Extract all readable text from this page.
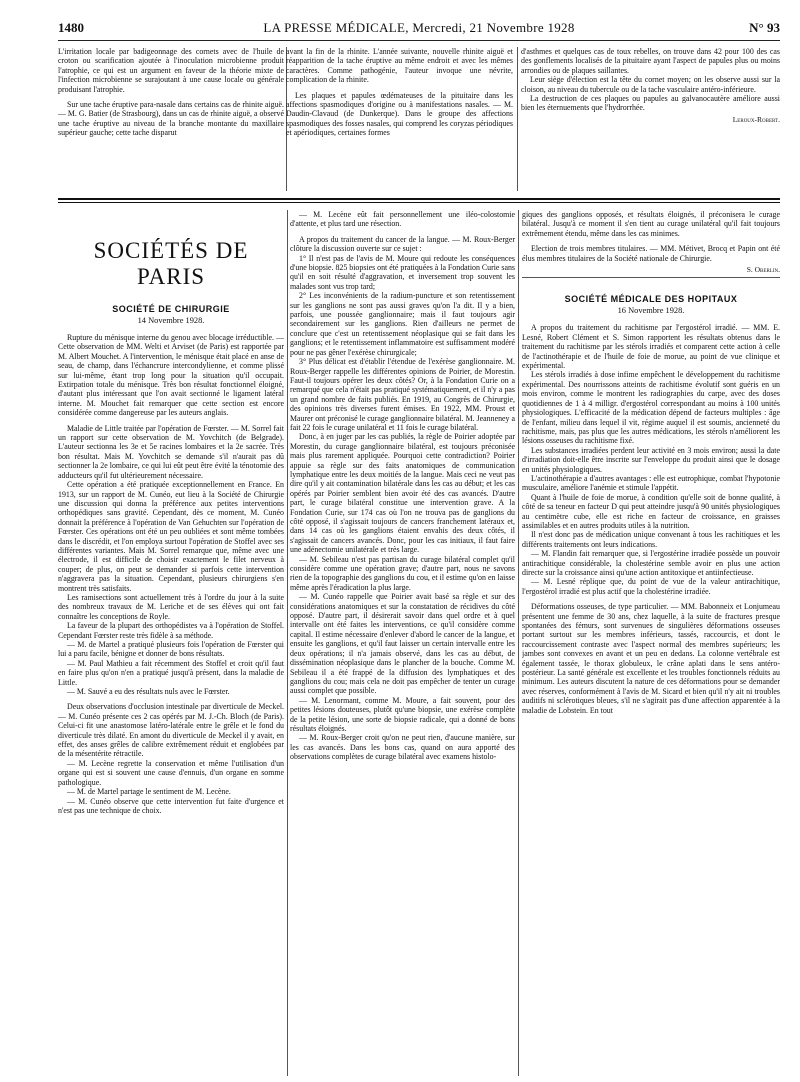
1480	LA PRESSE MÉDICALE, Mercredi, 21 Novembre 1928	N° 93

L'irritation locale par badigeonnage des cornets avec de l'huile de croton ou scarification ajoutée à l'inoculation microbienne produit l'atrophie, ce qui est un argument en faveur de la théorie mixte de l'infection microbienne se surajoutant à une cause locale ou générale produisant l'atrophie.

Sur une tache éruptive para-nasale dans certains cas de rhinite aiguë. — M. G. Batier (de Strasbourg), dans un cas de rhinite aiguë, a observé une tache éruptive au niveau de la branche montante du maxillaire supérieur gauche; cette tache disparut

avant la fin de la rhinite. L'année suivante, nouvelle rhinite aiguë et réapparition de la tache éruptive au même endroit et avec les mêmes caractères. Comme pathogénie, l'auteur invoque une névrite, complication de la rhinite.

Les plaques et papules œdémateuses de la pituitaire dans les affections spasmodiques d'origine ou à manifestations nasales. — M. Daudin-Clavaud (de Dunkerque). Dans le groupe des affections spasmodiques des fosses nasales, qui comprend les coryzas périodiques et apériodiques, certaines formes

d'asthmes et quelques cas de toux rebelles, on trouve dans 42 pour 100 des cas des gonflements localisés de la pituitaire ayant l'aspect de papules plus ou moins arrondies ou de plaques saillantes.

Leur siège d'élection est la tête du cornet moyen; on les observe aussi sur la cloison, au niveau du tubercule ou de la tache vasculaire antéro-inférieure.

La destruction de ces plaques ou papules au galvanocautère améliore aussi bien les éternuements que l'hydrorrhée.

Leroux-Robert.
SOCIÉTÉS DE PARIS
SOCIÉTÉ DE CHIRURGIE
14 Novembre 1928.

Rupture du ménisque interne du genou avec blocage irréductible. — Cette observation de MM. Welti et Arviset (de Paris) est rapportée par M. Albert Mouchet. A l'intervention, le ménisque était placé en anse de seau, de champ, dans l'échancrure intercondylienne, et comme plissé sur lui-même, étant trop long pour la situation qu'il occupait. Extirpation totale du ménisque. Très bon résultat fonctionnel éloigné, d'autant plus intéressant que l'on avait sectionné le ligament latéral interne. M. Mouchet fait remarquer que cette section est encore considérée comme dangereuse par les auteurs anglais.

Maladie de Little traitée par l'opération de Fœrster. — M. Sorrel fait un rapport sur cette observation de M. Yovchitch (de Belgrade). L'auteur sectionna les 3e et 5e racines lombaires et la 2e sacrée. Très bon résultat. Mais M. Yovchitch se demande s'il n'aurait pas dû sectionner la 2e lombaire, ce qui lui eût peut être évité la ténotomie des adducteurs qu'il fut ultérieurement nécessaire.

Cette opération a été pratiquée exceptionnellement en France. En 1913, sur un rapport de M. Cunéo, eut lieu à la Société de Chirurgie une discussion qui donna la préférence aux petites interventions orthopédiques sans gravité. Cependant, dès ce moment, M. Cunéo donnait la préférence à l'opération de Van Gehuchten sur l'opération de Fœrster. Ces opérations ont été un peu oubliées et sont même tombées dans le discrédit, et l'on employa surtout l'opération de Stoffel avec ses différentes variantes. Mais M. Sorrel remarque que, même avec une électrode, il est difficile de choisir exactement le filet nerveux à couper; de plus, on peut se demander si parfois cette intervention n'aggravera pas la situation. Cependant, plusieurs chirurgiens s'en montrent très satisfaits.

Les ramisections sont actuellement très à l'ordre du jour à la suite des nombreux travaux de M. Leriche et de ses élèves qui ont fait connaître les conceptions de Royle.

La faveur de la plupart des orthopédistes va à l'opération de Stoffel. Cependant Fœrster reste très fidèle à sa méthode.

— M. de Martel a pratiqué plusieurs fois l'opération de Fœrster qui lui a paru facile, bénigne et donner de bons résultats.

— M. Paul Mathieu a fait récemment des Stoffel et croit qu'il faut en faire plus qu'on n'en a pratiqué jusqu'à présent, dans la maladie de Little.

— M. Sauvé a eu des résultats nuls avec le Fœrster.

Deux observations d'occlusion intestinale par diverticule de Meckel. — M. Cunéo présente ces 2 cas opérés par M. J.-Ch. Bloch (de Paris). Celui-ci fit une anastomose latéro-latérale entre le grêle et le fond du diverticule très dilaté. En amont du diverticule de Meckel il y avait, en effet, des anses grêles de calibre extrêmement réduit et englobées par de la mésentérite rétractile.

— M. Lecène regrette la conservation et même l'utilisation d'un organe qui est si souvent une cause d'ennuis, d'un organe en somme pathologique.

— M. de Martel partage le sentiment de M. Lecène.

— M. Cunéo observe que cette intervention fut faite d'urgence et n'est pas une technique de choix.

— M. Lecène eût fait personnellement une iléo-colostomie d'attente, et plus tard une résection.

A propos du traitement du cancer de la langue. — M. Roux-Berger clôture la discussion ouverte sur ce sujet :

1° Il n'est pas de l'avis de M. Moure qui redoute les conséquences d'une biopsie. 825 biopsies ont été pratiquées à la Fondation Curie sans qu'il en soit résulté d'aggravation, et inversement trop souvent les malades sont vus trop tard;

2° Les inconvénients de la radium-puncture et son retentissement sur les ganglions ne sont pas aussi graves qu'on l'a dit. Il y a bien, parfois, une poussée ganglionnaire; mais il faut toujours agir secondairement sur les ganglions. Rien d'ailleurs ne permet de conclure que c'est un retentissement néoplasique qui se fait dans les ganglions; et le retentissement inflammatoire est suffisamment modéré pour ne pas gêner l'exérèse chirurgicale;

3° Plus délicat est d'établir l'étendue de l'exérèse ganglionnaire. M. Roux-Berger rappelle les différentes opinions de Poirier, de Morestin. Faut-il toujours opérer les deux côtés? Or, à la Fondation Curie on a remarqué que cela n'était pas pratiqué systématiquement, et il n'y a pas un grand nombre de faits publiés. En 1919, au Congrès de Chirurgie, des opinions très diverses furent émises. En 1922, MM. Proust et Maurer ont préconisé le curage ganglionnaire bilatéral. M. Jeanneney a fait 22 fois le curage unilatéral et 11 fois le curage bilatéral.

Donc, à en juger par les cas publiés, la règle de Poirier adoptée par Morestin, du curage ganglionnaire bilatéral, est toujours préconisée mais plus rarement appliquée. Pourquoi cette contradiction? Poirier appuie sa règle sur des faits anatomiques de communication lymphatique entre les deux moitiés de la langue. Mais ceci ne veut pas dire qu'il y ait contamination bilatérale dans les cas au début; et les cas opérés par Poirier semblent bien avoir été des cas avancés. D'autre part, le curage bilatéral constitue une intervention grave. A la Fondation Curie, sur 174 cas où l'on ne trouva pas de ganglions du côté opposé, il s'agissait toujours de cancers franchement latéraux et, dans 14 cas où les ganglions étaient envahis des deux côtés, il s'agissait de cancers avancés. Donc, pour les cas initiaux, il faut faire une adénectomie unilatérale et très large.

— M. Sebileau n'est pas partisan du curage bilatéral complet qu'il considère comme une opération grave; d'autre part, nous ne savons rien de la topographie des ganglions du cou, et il estime qu'on en laisse même après l'éradication la plus large.

— M. Cunéo rappelle que Poirier avait basé sa règle et sur des considérations anatomiques et sur la constatation de récidives du côté opposé. D'autre part, il désirerait savoir dans quel ordre et à quel intervalle ont été faites les interventions, ce qu'il considère comme capital. Il estime nécessaire d'enlever d'abord le cancer de la langue, et ensuite les ganglions, et qu'il faut laisser un certain intervalle entre les deux opérations; il n'a jamais observé, dans les cas au début, de dissémination néoplasique dans le plancher de la bouche. Comme M. Sebileau il a été frappé de la diffusion des lymphatiques et des ganglions du cou; mais cela ne doit pas empêcher de tenter un curage aussi complet que possible.

— M. Lenormant, comme M. Moure, a fait souvent, pour des petites lésions douteuses, plutôt qu'une biopsie, une exérèse complète de la petite lésion, une sorte de biopsie radicale, qui a donné de bons résultats éloignés.

— M. Roux-Berger croit qu'on ne peut rien, d'aucune manière, sur les cas avancés. Dans les bons cas, quand on aura apporté des observations complètes de curage bilatéral avec examens histolo-

giques des ganglions opposés, et résultats éloignés, il préconisera le curage bilatéral. Jusqu'à ce moment il s'en tient au curage unilatéral qu'il fait toujours extrêmement étendu, même dans les cas minimes.

Election de trois membres titulaires. — MM. Métivet, Brocq et Papin ont été élus membres titulaires de la Société nationale de Chirurgie.

S. Oberlin.
SOCIÉTÉ MÉDICALE DES HOPITAUX
16 Novembre 1928.

A propos du traitement du rachitisme par l'ergostérol irradié. — MM. E. Lesné, Robert Clément et S. Simon rapportent les résultats obtenus dans le traitement du rachitisme par les stérols irradiés et comparent cette action à celle de l'actinothérapie et de l'huile de foie de morue, au point de vue clinique et expérimental.

Les stérols irradiés à dose infime empêchent le développement du rachitisme expérimental. Des nourrissons atteints de rachitisme évolutif sont guéris en un mois environ, comme le montrent les radiographies du carpe, avec des doses quotidiennes de 1 à 4 milligr. d'ergostérol correspondant au moins à 100 unités physiologiques. L'efficacité de la médication dépend de facteurs multiples : âge de l'enfant, milieu dans lequel il vit, régime auquel il est soumis, ancienneté du rachitisme, mais, pas plus que les autres médications, les stérols n'améliorent les lésions osseuses du rachitisme fixé.

Les substances irradiées perdent leur activité en 3 mois environ; aussi la date d'irradiation doit-elle être inscrite sur l'enveloppe du produit ainsi que le dosage en unités physiologiques.

L'actinothérapie a d'autres avantages : elle est eutrophique, combat l'hypotonie musculaire, améliore l'anémie et stimule l'appétit.

Quant à l'huile de foie de morue, à condition qu'elle soit de bonne qualité, à côté de sa teneur en facteur D qui peut atteindre jusqu'à 90 unités physiologiques au centimètre cube, elle est riche en facteur de croissance, en graisses assimilables et en autres produits utiles à la nutrition.

Il n'est donc pas de médication unique convenant à tous les rachitiques et les différents traitements ont leurs indications.

— M. Flandin fait remarquer que, si l'ergostérine irradiée possède un pouvoir antirachitique considérable, la cholestérine semble avoir en plus une action directe sur la croissance ainsi qu'une action antitoxique et antiinfectieuse.

— M. Lesné réplique que, du point de vue de la valeur antirachitique, l'ergostérol irradié est plus actif que la cholestérine irradiée.

Déformations osseuses, de type particulier. — MM. Babonneix et Lonjumeau présentent une femme de 30 ans, chez laquelle, à la suite de fractures presque spontanées des fémurs, sont survenues de singulières déformations osseuses portant surtout sur les membres inférieurs, tassés, raccourcis, et dont le raccourcissement contraste avec l'aspect normal des membres supérieurs; les jambes sont convexes en avant et un peu en dedans. La colonne vertébrale est également tassée, le thorax globuleux, le crâne aplati dans le sens antéro-postérieur. La santé générale est excellente et les troubles fonctionnels réduits au minimum. Les auteurs discutent la nature de ces déformations pour se demander avec réserves, conformément à l'avis de M. Sicard et bien qu'il n'y ait ni troubles auditifs ni sclérotiques bleues, s'il ne s'agirait pas d'une affection apparentée à la maladie de Lobstein. En tout
